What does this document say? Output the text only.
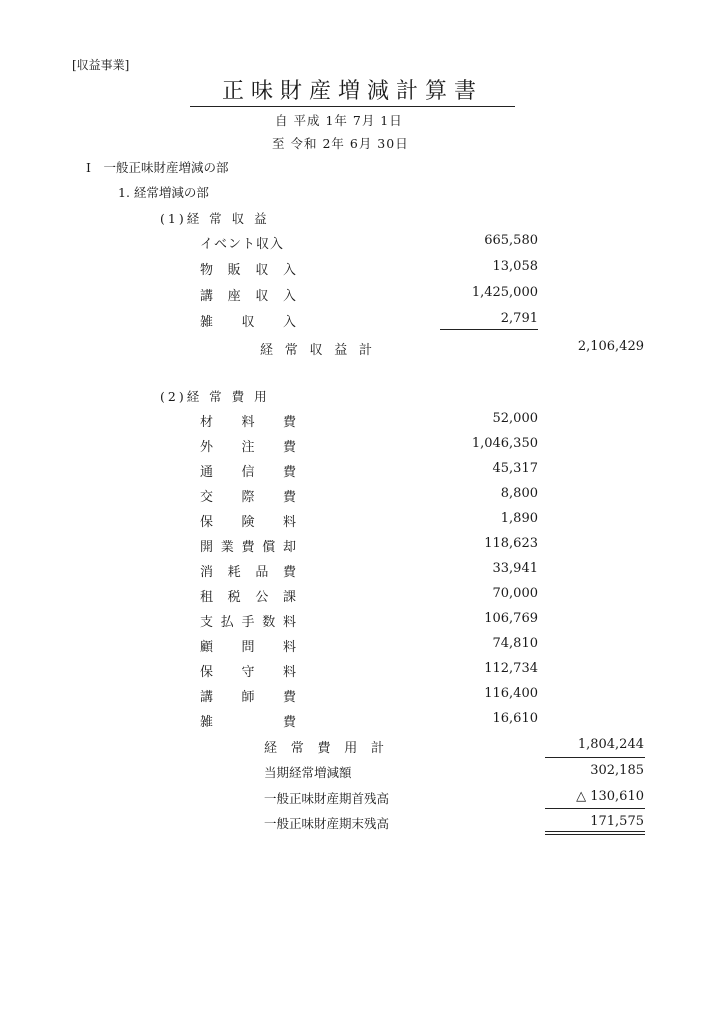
[収益事業]
正味財産増減計算書
自 平成 1年 7月 1日
至 令和 2年 6月 30日
Ⅰ　一般正味財産増減の部
1. 経常増減の部
(1)経 常 収 益
イベント収入	665,580
物 販 収 入	13,058
講 座 収 入	1,425,000
雑 収 入	2,791
経 常 収 益 計	2,106,429
(2)経 常 費 用
材 料 費	52,000
外 注 費	1,046,350
通 信 費	45,317
交 際 費	8,800
保 険 料	1,890
開 業 費 償 却	118,623
消 耗 品 費	33,941
租 税 公 課	70,000
支 払 手 数 料	106,769
顧 問 料	74,810
保 守 料	112,734
講 師 費	116,400
雑	費	16,610
経 常 費 用 計	1,804,244
当期経常増減額	302,185
一般正味財産期首残高	△ 130,610
一般正味財産期末残高	171,575
